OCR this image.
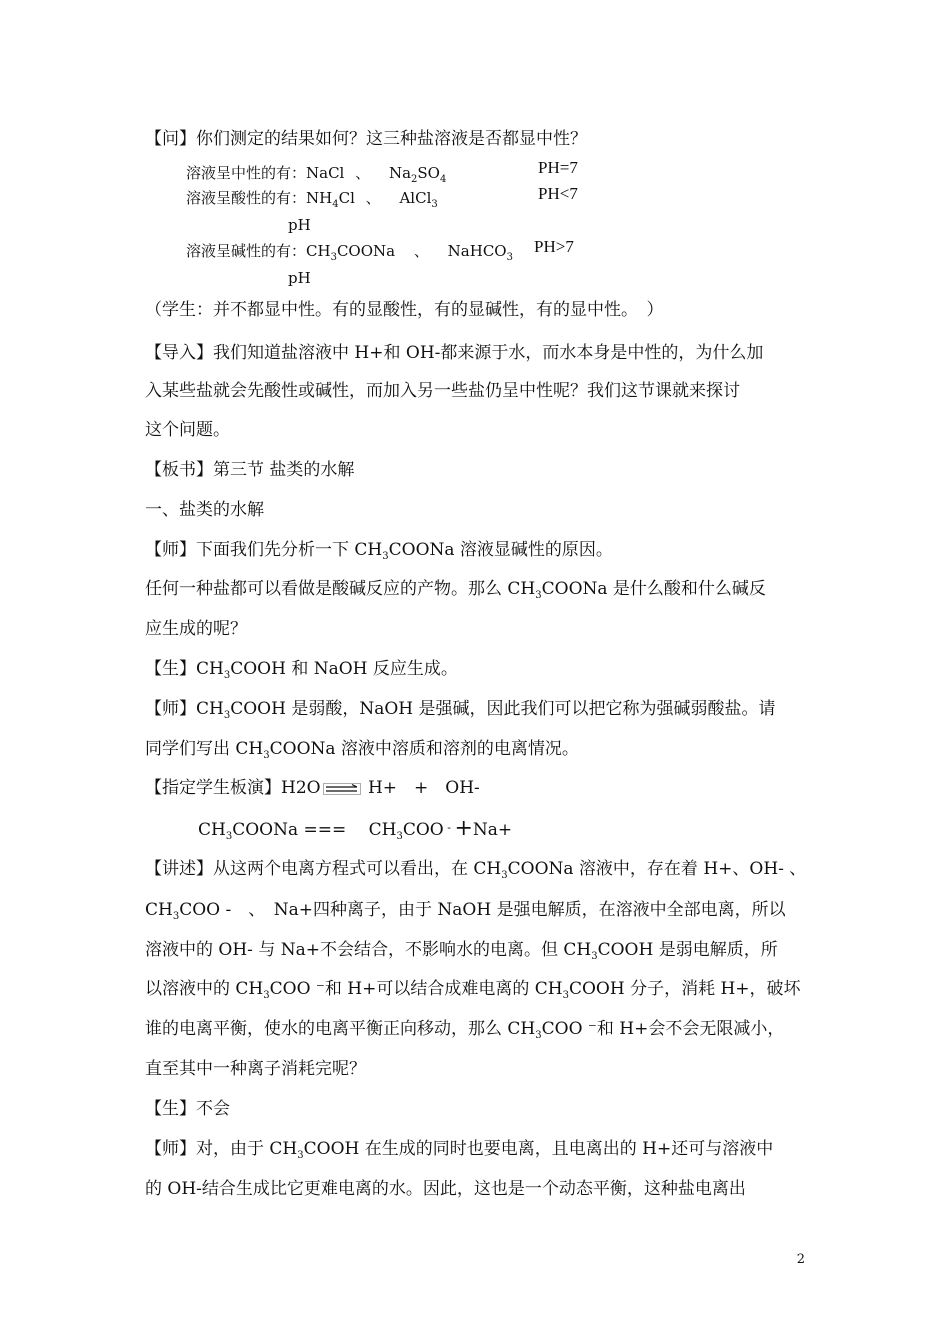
【问】你们测定的结果如何？这三种盐溶液是否都显中性？
溶液呈中性的有：NaCl 、 $Na_2SO_4$
PH=7
溶液呈酸性的有：$NH_4Cl$ 、 AlCl$_3$
PH<7
pH
溶液呈碱性的有：$CH_3COONa$ 、 NaHCO$_3$
PH>7
pH
（学生：并不都显中性。有的显酸性，有的显碱性，有的显中性。　）
【导入】我们知道盐溶液中 H+和 OH-都来源于水，而水本身是中性的，为什么加
入某些盐就会先酸性或碱性，而加入另一些盐仍呈中性呢？我们这节课就来探讨
这个问题。
【板书】第三节 盐类的水解
一、盐类的水解
【师】下面我们先分析一下 $CH_3COONa$ 溶液显碱性的原因。
任何一种盐都可以看做是酸碱反应的产物。那么 $CH_3COONa$ 是什么酸和什么碱反
应生成的呢？
【生】$CH_3COOH$ 和 NaOH 反应生成。
【师】$CH_3COOH$ 是弱酸，NaOH 是强碱，因此我们可以把它称为强碱弱酸盐。请
同学们写出 $CH_3COONa$ 溶液中溶质和溶剂的电离情况。
【指定学生板演】H2O H+　+　OH-
$CH_3COONa$ ===　 $CH_3COO$ - +Na+
【讲述】从这两个电离方程式可以看出，在 $CH_3COONa$ 溶液中，存在着 H+、OH- 、
$CH_3COO$ -　、　Na+四种离子，由于 NaOH 是强电解质，在溶液中全部电离，所以
溶液中的 OH- 与 Na+不会结合，不影响水的电离。但 $CH_3COOH$ 是弱电解质，所
以溶液中的 $CH_3COO$ ⁻和 H+可以结合成难电离的 $CH_3COOH$ 分子，消耗 H+，破坏
谁的电离平衡，使水的电离平衡正向移动，那么 $CH_3COO$ ⁻和 H+会不会无限减小，
直至其中一种离子消耗完呢？
【生】不会
【师】对，由于 $CH_3COOH$ 在生成的同时也要电离，且电离出的 H+还可与溶液中
的 OH-结合生成比它更难电离的水。因此，这也是一个动态平衡，这种盐电离出
2
